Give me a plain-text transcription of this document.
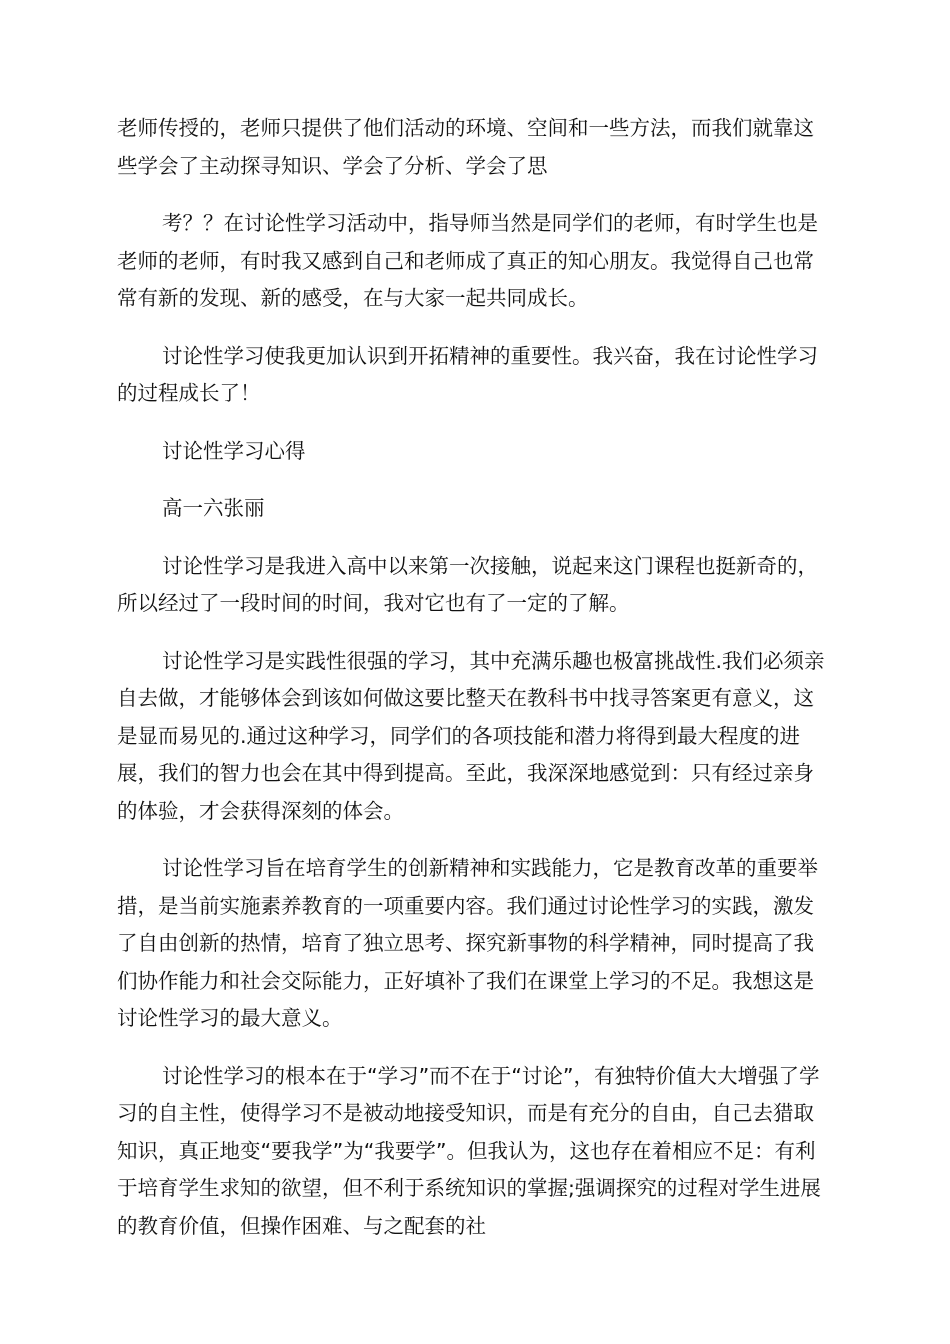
老师传授的，老师只提供了他们活动的环境、空间和一些方法，而我们就靠这些学会了主动探寻知识、学会了分析、学会了思

考？？在讨论性学习活动中，指导师当然是同学们的老师，有时学生也是老师的老师，有时我又感到自己和老师成了真正的知心朋友。我觉得自己也常常有新的发现、新的感受，在与大家一起共同成长。

讨论性学习使我更加认识到开拓精神的重要性。我兴奋，我在讨论性学习的过程成长了！

讨论性学习心得

高一六张丽

讨论性学习是我进入高中以来第一次接触，说起来这门课程也挺新奇的，所以经过了一段时间的时间，我对它也有了一定的了解。

讨论性学习是实践性很强的学习，其中充满乐趣也极富挑战性.我们必须亲自去做，才能够体会到该如何做这要比整天在教科书中找寻答案更有意义，这是显而易见的.通过这种学习，同学们的各项技能和潜力将得到最大程度的进展，我们的智力也会在其中得到提高。至此，我深深地感觉到：只有经过亲身的体验，才会获得深刻的体会。

讨论性学习旨在培育学生的创新精神和实践能力，它是教育改革的重要举措，是当前实施素养教育的一项重要内容。我们通过讨论性学习的实践，激发了自由创新的热情，培育了独立思考、探究新事物的科学精神，同时提高了我们协作能力和社会交际能力，正好填补了我们在课堂上学习的不足。我想这是讨论性学习的最大意义。

讨论性学习的根本在于“学习”而不在于“讨论”，有独特价值大大增强了学习的自主性，使得学习不是被动地接受知识，而是有充分的自由，自己去猎取知识，真正地变“要我学”为“我要学”。但我认为，这也存在着相应不足：有利于培育学生求知的欲望，但不利于系统知识的掌握;强调探究的过程对学生进展的教育价值，但操作困难、与之配套的社
